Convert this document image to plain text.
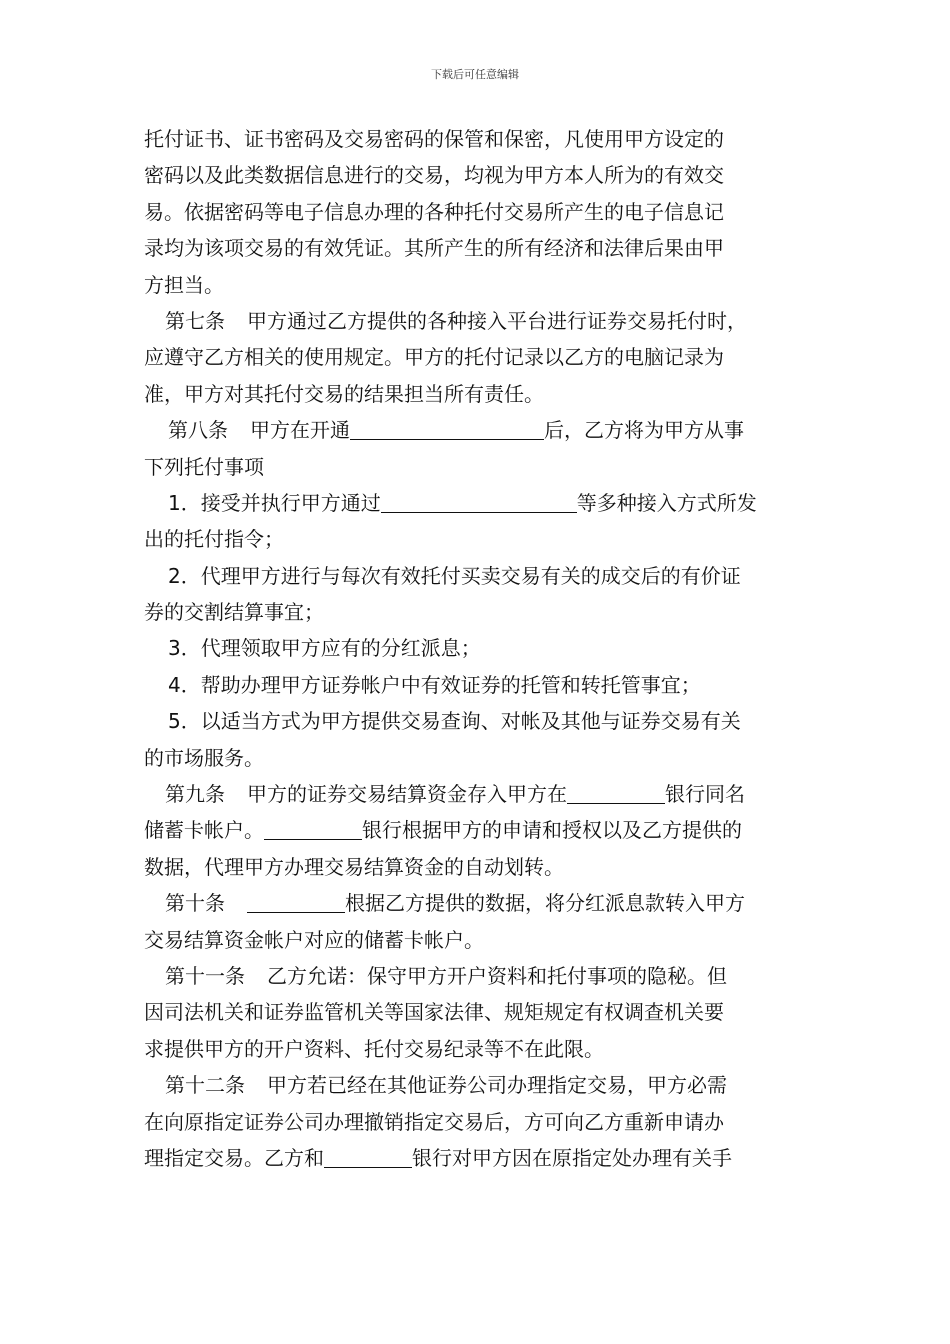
下载后可任意编辑
托付证书、证书密码及交易密码的保管和保密，凡使用甲方设定的
密码以及此类数据信息进行的交易，均视为甲方本人所为的有效交
易。依据密码等电子信息办理的各种托付交易所产生的电子信息记
录均为该项交易的有效凭证。其所产生的所有经济和法律后果由甲
方担当。
第七条 甲方通过乙方提供的各种接入平台进行证券交易托付时，
应遵守乙方相关的使用规定。甲方的托付记录以乙方的电脑记录为
准，甲方对其托付交易的结果担当所有责任。
第八条 甲方在开通	后，乙方将为甲方从事
下列托付事项
1．接受并执行甲方通过	等多种接入方式所发
出的托付指令；
2．代理甲方进行与每次有效托付买卖交易有关的成交后的有价证
券的交割结算事宜；
3．代理领取甲方应有的分红派息；
4．帮助办理甲方证券帐户中有效证券的托管和转托管事宜；
5．以适当方式为甲方提供交易查询、对帐及其他与证券交易有关
的市场服务。
第九条 甲方的证券交易结算资金存入甲方在	银行同名
储蓄卡帐户。	银行根据甲方的申请和授权以及乙方提供的
数据，代理甲方办理交易结算资金的自动划转。
第十条	根据乙方提供的数据，将分红派息款转入甲方
交易结算资金帐户对应的储蓄卡帐户。
第十一条 乙方允诺：保守甲方开户资料和托付事项的隐秘。但
因司法机关和证券监管机关等国家法律、规矩规定有权调查机关要
求提供甲方的开户资料、托付交易纪录等不在此限。
第十二条 甲方若已经在其他证券公司办理指定交易，甲方必需
在向原指定证券公司办理撤销指定交易后，方可向乙方重新申请办
理指定交易。乙方和	银行对甲方因在原指定处办理有关手
